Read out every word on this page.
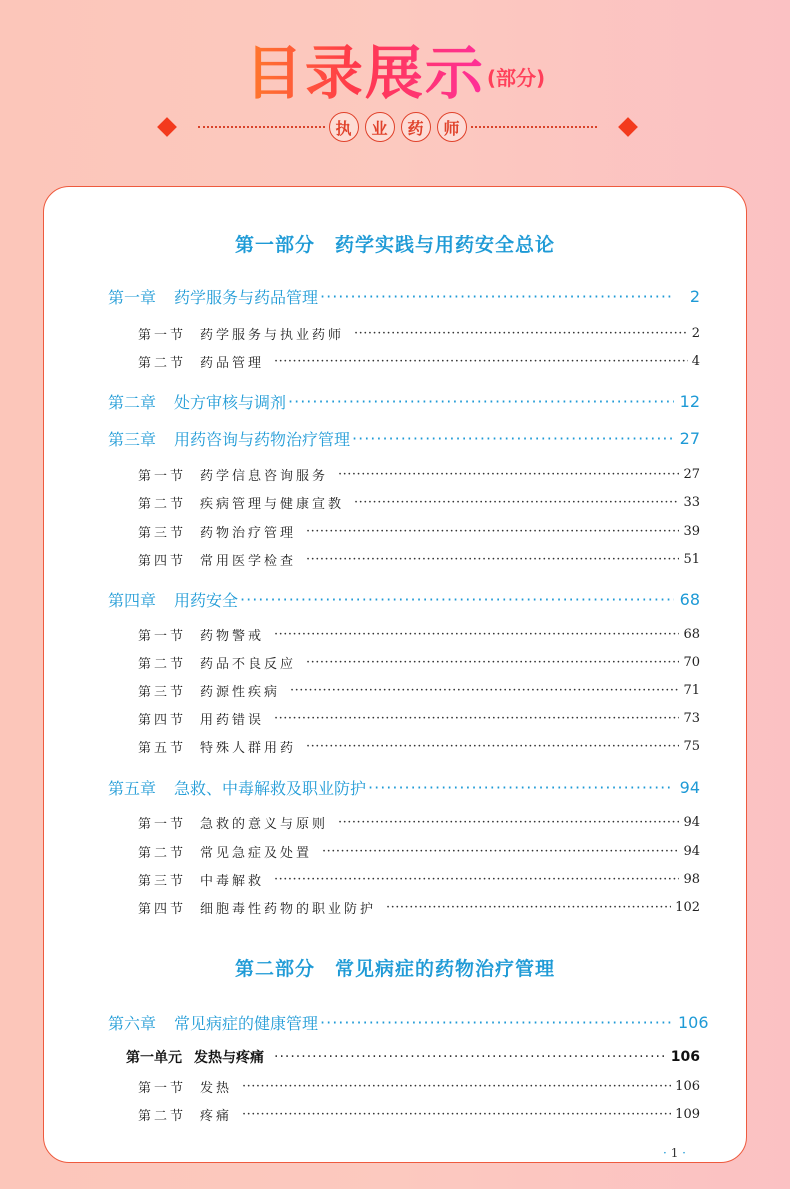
目录展示 (部分)
执	业	药	师
第一部分　药学实践与用药安全总论
第一章 药学服务与药品管理 ·····	2
第一节 药学服务与执业药师 ·····	2
第二节 药品管理 ·····	4
第二章 处方审核与调剂 ·····	12
第三章 用药咨询与药物治疗管理 ·····	27
第一节 药学信息咨询服务 ·····	27
第二节 疾病管理与健康宣教 ·····	33
第三节 药物治疗管理 ·····	39
第四节 常用医学检查 ·····	51
第四章 用药安全 ·····	68
第一节 药物警戒 ·····	68
第二节 药品不良反应 ·····	70
第三节 药源性疾病 ·····	71
第四节 用药错误 ·····	73
第五节 特殊人群用药 ·····	75
第五章 急救、中毒解救及职业防护 ·····	94
第一节 急救的意义与原则 ·····	94
第二节 常见急症及处置 ·····	94
第三节 中毒解救 ·····	98
第四节 细胞毒性药物的职业防护 ·····	102
第二部分　常见病症的药物治疗管理
第六章 常见病症的健康管理 ·····	106
第一单元 发热与疼痛 ·····	106
第一节 发热 ·····	106
第二节 疼痛 ·····	109
· 1 ·
